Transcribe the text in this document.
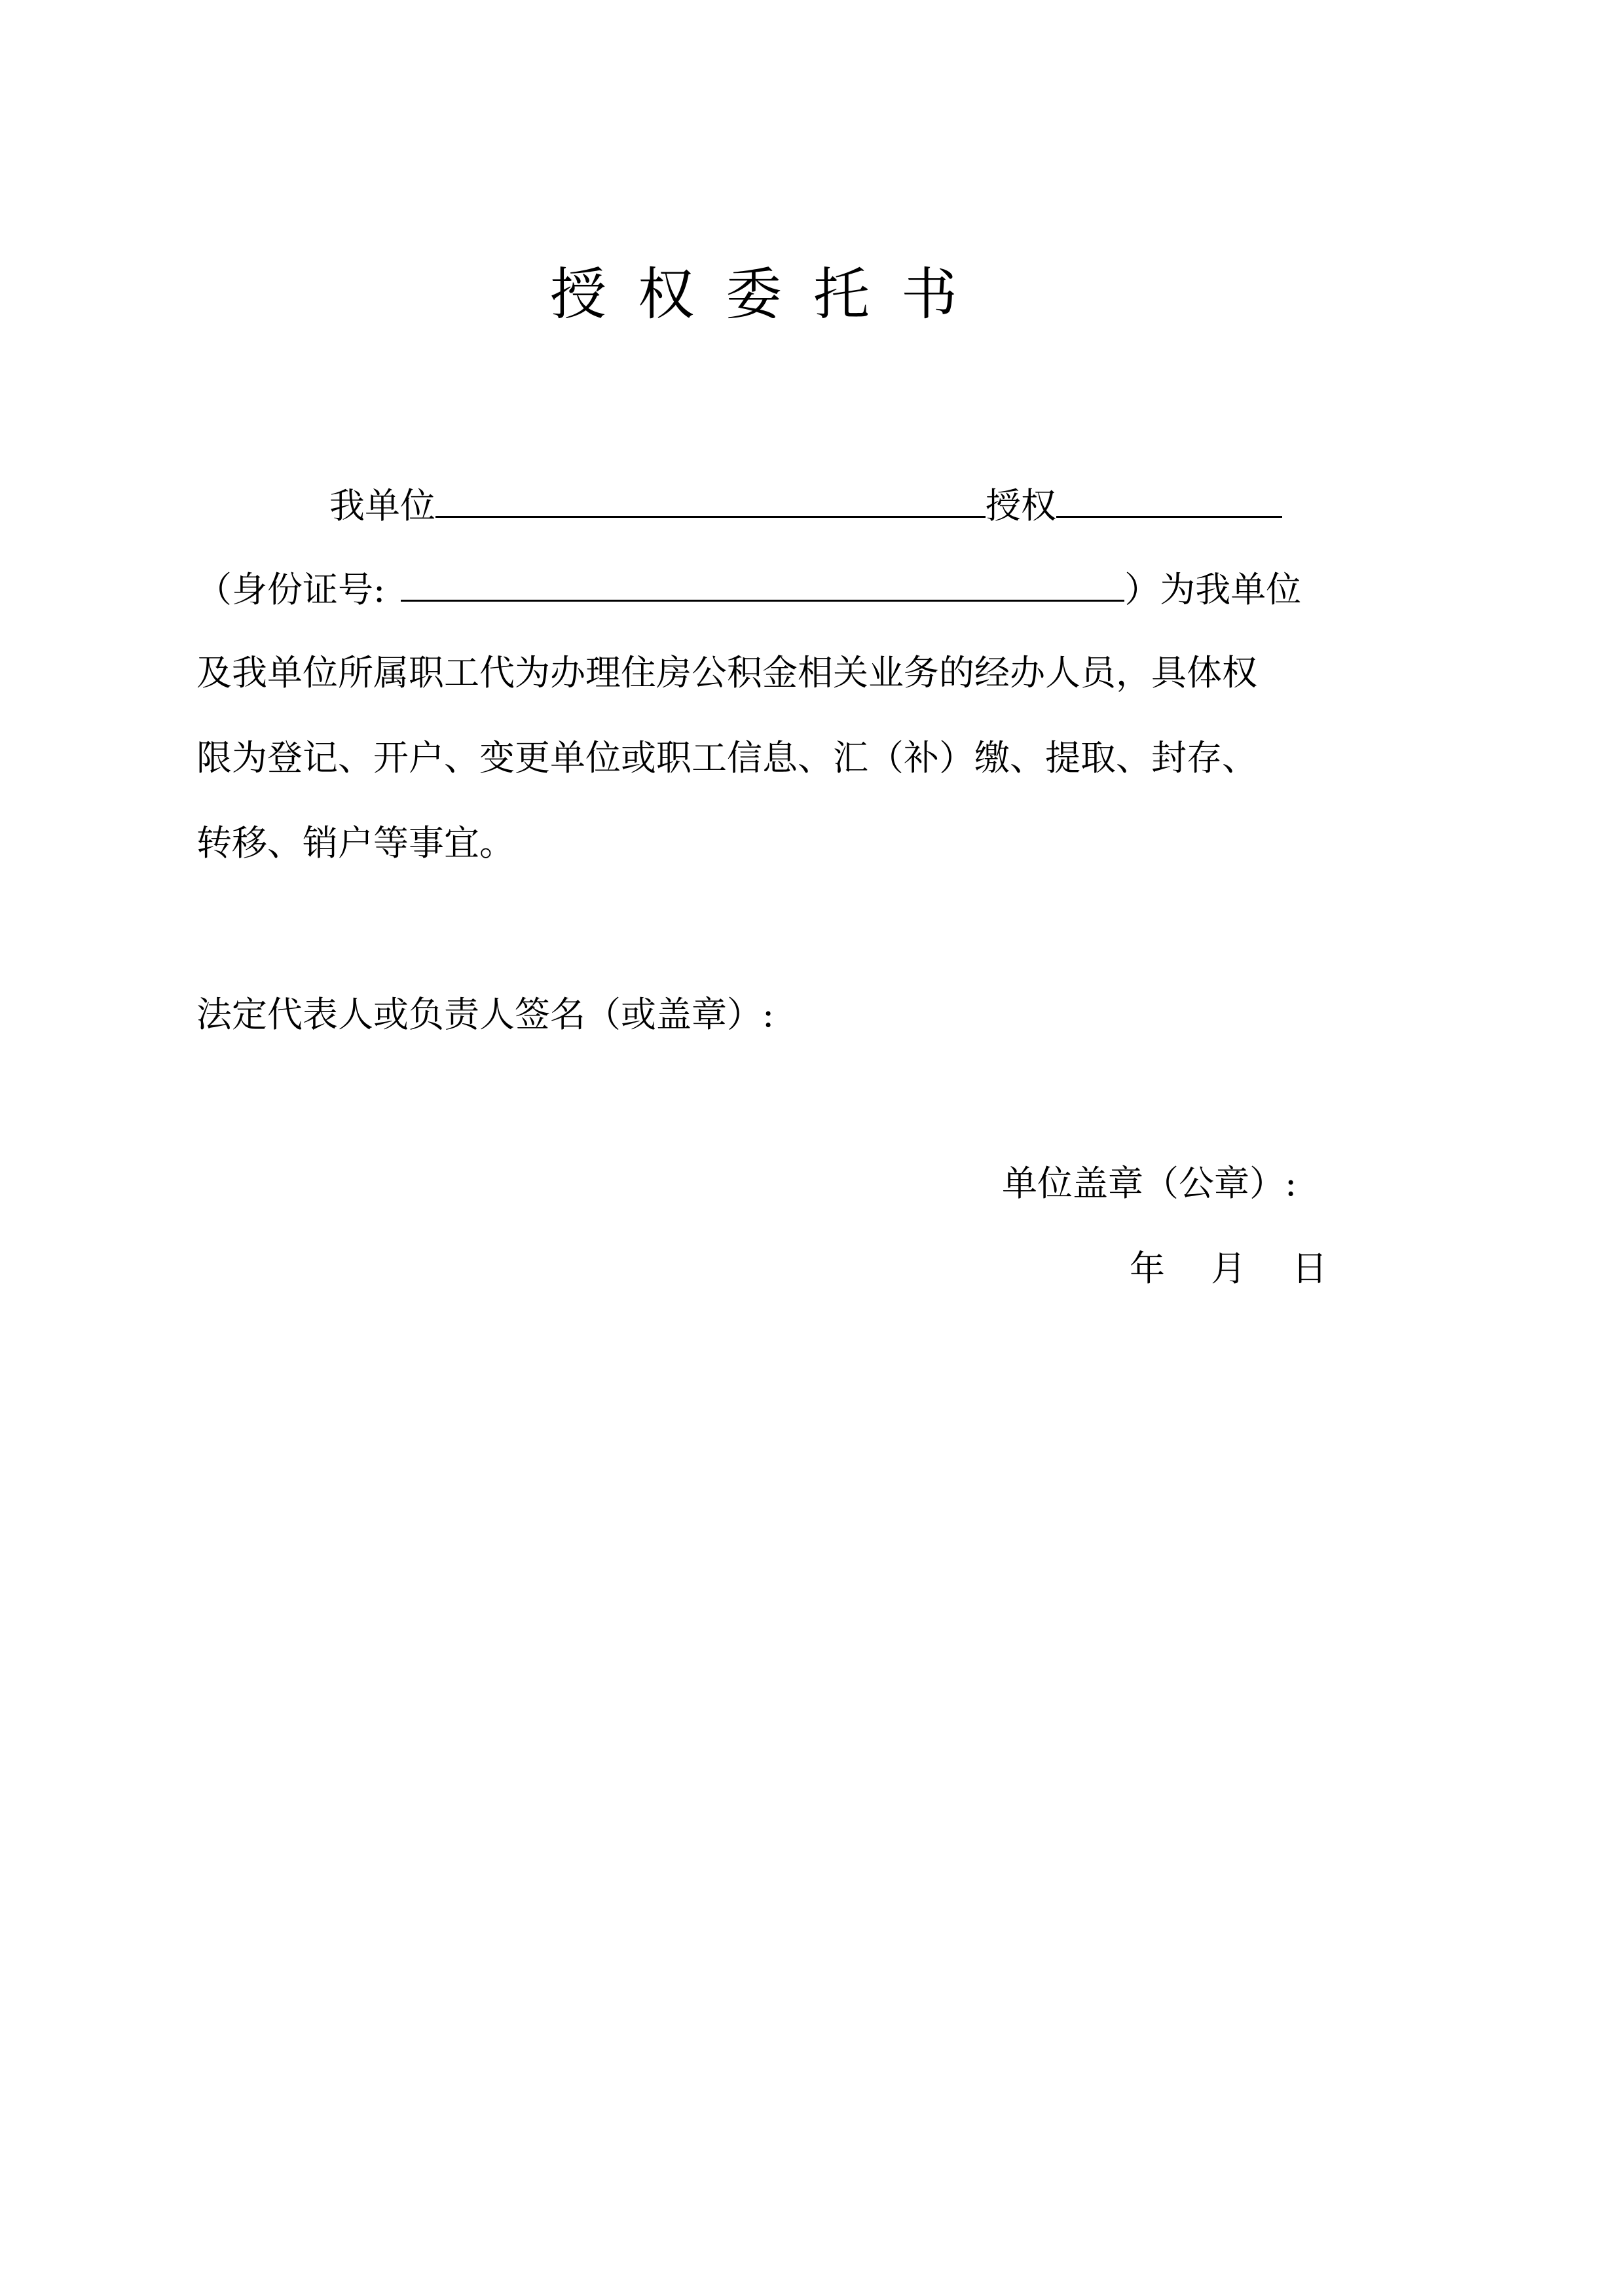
授权委托书
我单位	授权
（身份证号:	）为我单位
及我单位所属职工代为办理住房公积金相关业务的经办人员，具体权
限为登记、开户、变更单位或职工信息、汇（补）缴、提取、封存、
转移、销户等事宜。
法定代表人或负责人签名（或盖章）:
单位盖章（公章）:
年 月 日
